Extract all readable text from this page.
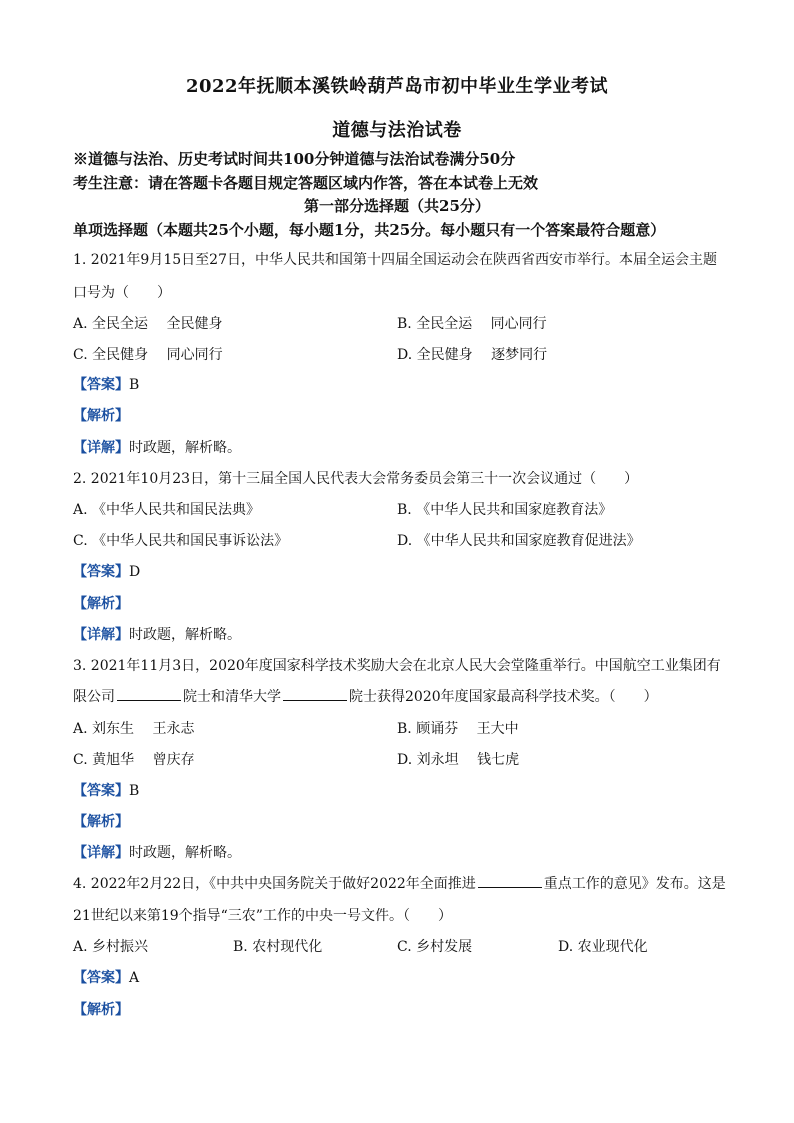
2022年抚顺本溪铁岭葫芦岛市初中毕业生学业考试
道德与法治试卷
※道德与法治、历史考试时间共100分钟道德与法治试卷满分50分
考生注意：请在答题卡各题目规定答题区域内作答，答在本试卷上无效
第一部分选择题（共25分）
单项选择题（本题共25个小题，每小题1分，共25分。每小题只有一个答案最符合题意）
1. 2021年9月15日至27日，中华人民共和国第十四届全国运动会在陕西省西安市举行。本届全运会主题
口号为（　　）
A. 全民全运　 全民健身	B. 全民全运　 同心同行
C. 全民健身　 同心同行	D. 全民健身　 逐梦同行
【答案】B
【解析】
【详解】时政题，解析略。
2. 2021年10月23日，第十三届全国人民代表大会常务委员会第三十一次会议通过（　　）
A. 《中华人民共和国民法典》	B. 《中华人民共和国家庭教育法》
C. 《中华人民共和国民事诉讼法》	D. 《中华人民共和国家庭教育促进法》
【答案】D
【解析】
【详解】时政题，解析略。
3. 2021年11月3日，2020年度国家科学技术奖励大会在北京人民大会堂隆重举行。中国航空工业集团有
限公司	院士和清华大学	院士获得2020年度国家最高科学技术奖。（　　）
A. 刘东生　 王永志	B. 顾诵芬　 王大中
C. 黄旭华　 曾庆存	D. 刘永坦　 钱七虎
【答案】B
【解析】
【详解】时政题，解析略。
4. 2022年2月22日，《中共中央国务院关于做好2022年全面推进	重点工作的意见》发布。这是
21世纪以来第19个指导“三农”工作的中央一号文件。（　　）
A. 乡村振兴	B. 农村现代化	C. 乡村发展	D. 农业现代化
【答案】A
【解析】
